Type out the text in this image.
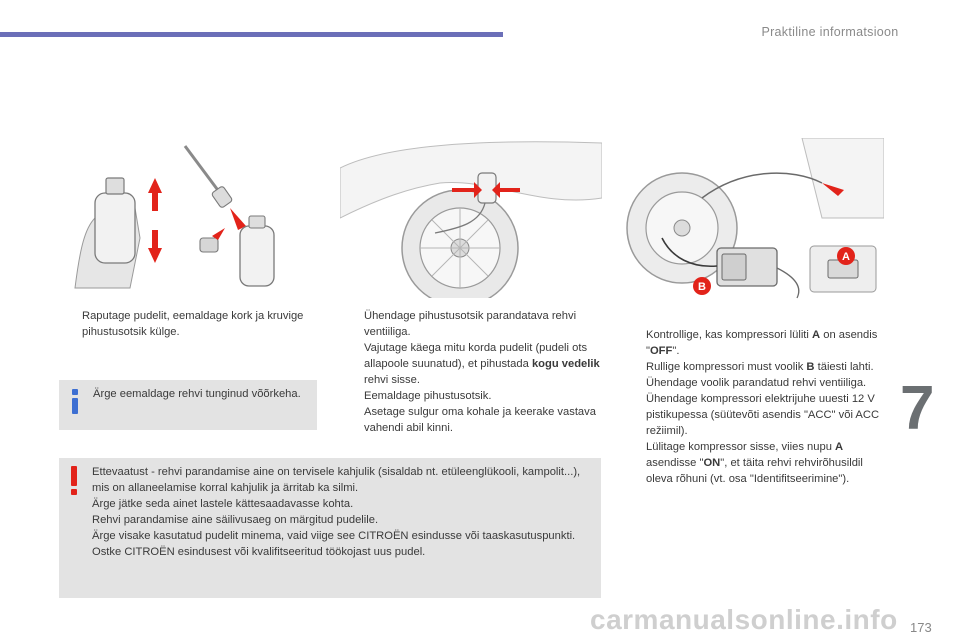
Praktiline informatsioon
A
B
Raputage pudelit, eemaldage kork ja kruvige pihustusotsik külge.
Ärge eemaldage rehvi tunginud võõrkeha.
Ühendage pihustusotsik parandatava rehvi ventiiliga.
Vajutage käega mitu korda pudelit (pudeli ots allapoole suunatud), et pihustada kogu vedelik rehvi sisse.
Eemaldage pihustusotsik.
Asetage sulgur oma kohale ja keerake vastava vahendi abil kinni.
Kontrollige, kas kompressori lüliti A on asendis "OFF".
Rullige kompressori must voolik B täiesti lahti.
Ühendage voolik parandatud rehvi ventiiliga.
Ühendage kompressori elektrijuhe uuesti 12 V pistikupessa (süütevõti asendis "ACC" või ACC režiimil).
Lülitage kompressor sisse, viies nupu A asendisse "ON", et täita rehvi rehvirõhusildil oleva rõhuni (vt. osa "Identifitseerimine").
Ettevaatust - rehvi parandamise aine on tervisele kahjulik (sisaldab nt. etüleenglükooli, kampolit...), mis on allaneelamise korral kahjulik ja ärritab ka silmi.
Ärge jätke seda ainet lastele kättesaadavasse kohta.
Rehvi parandamise aine säilivusaeg on märgitud pudelile.
Ärge visake kasutatud pudelit minema, vaid viige see CITROËN esindusse või taaskasutuspunkti.
Ostke CITROËN esindusest või kvalifitseeritud töökojast uus pudel.
7
carmanualsonline.info 173
